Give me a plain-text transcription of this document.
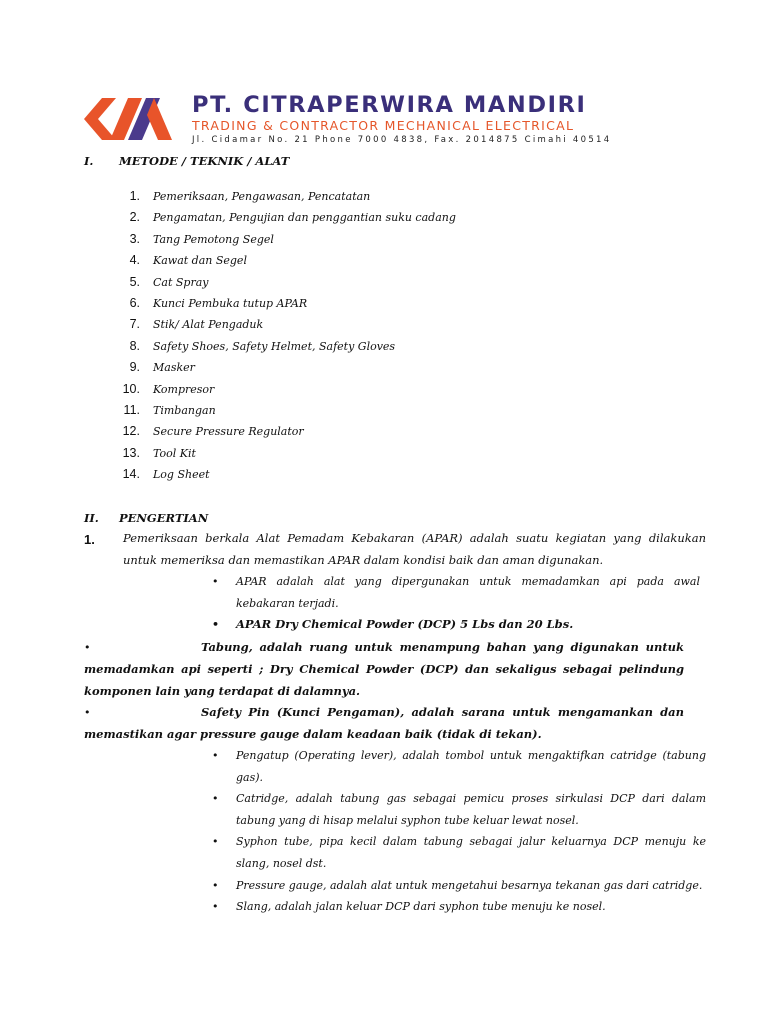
PT. CITRAPERWIRA MANDIRI
TRADING & CONTRACTOR MECHANICAL ELECTRICAL
Jl. Cidamar No. 21 Phone 7000 4838, Fax. 2014875 Cimahi 40514
I. METODE / TEKNIK / ALAT
1. Pemeriksaan, Pengawasan, Pencatatan
2. Pengamatan, Pengujian dan penggantian suku cadang
3. Tang Pemotong Segel
4. Kawat dan Segel
5. Cat Spray
6. Kunci Pembuka tutup APAR
7. Stik/ Alat Pengaduk
8. Safety Shoes, Safety Helmet, Safety Gloves
9. Masker
10. Kompresor
11. Timbangan
12. Secure Pressure Regulator
13. Tool Kit
14. Log Sheet
II. PENGERTIAN
1. Pemeriksaan berkala Alat Pemadam Kebakaran (APAR) adalah suatu kegiatan yang dilakukan untuk memeriksa dan memastikan APAR dalam kondisi baik dan aman digunakan.
• APAR adalah alat yang dipergunakan untuk memadamkan api pada awal kebakaran terjadi.
• APAR Dry Chemical Powder (DCP) 5 Lbs dan 20 Lbs.
•	Tabung, adalah ruang untuk menampung bahan yang digunakan untuk
memadamkan api seperti ; Dry Chemical Powder (DCP) dan sekaligus sebagai pelindung komponen lain yang terdapat di dalamnya.
•	Safety Pin (Kunci Pengaman), adalah sarana untuk mengamankan dan
memastikan agar pressure gauge dalam keadaan baik (tidak di tekan).
• Pengatup (Operating lever), adalah tombol untuk mengaktifkan catridge (tabung gas).
• Catridge, adalah tabung gas sebagai pemicu proses sirkulasi DCP dari dalam tabung yang di hisap melalui syphon tube keluar lewat nosel.
• Syphon tube, pipa kecil dalam tabung sebagai jalur keluarnya DCP menuju ke slang, nosel dst.
• Pressure gauge, adalah alat untuk mengetahui besarnya tekanan gas dari catridge.
• Slang, adalah jalan keluar DCP dari syphon tube menuju ke nosel.
